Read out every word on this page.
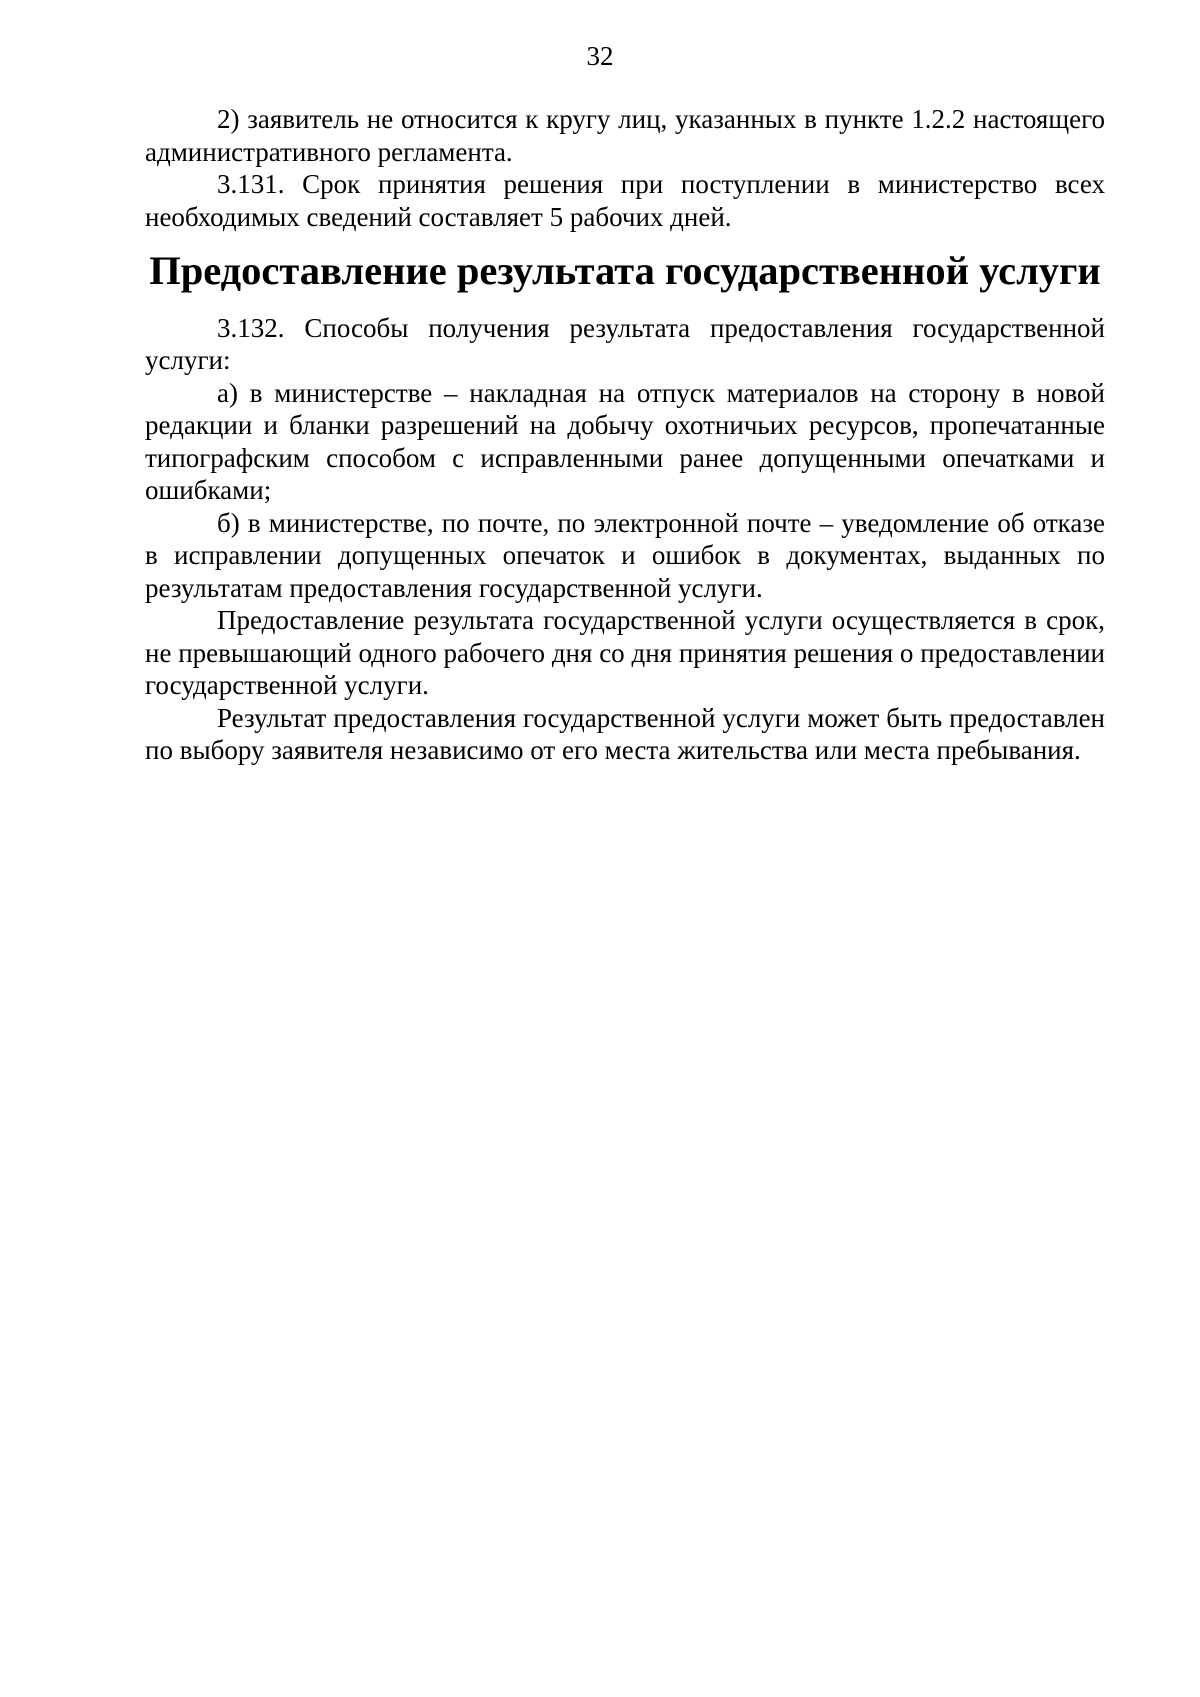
32

2) заявитель не относится к кругу лиц, указанных в пункте 1.2.2 настоящего административного регламента.

3.131. Срок принятия решения при поступлении в министерство всех необходимых сведений составляет 5 рабочих дней.

Предоставление результата государственной услуги

3.132. Способы получения результата предоставления государственной услуги:

а) в министерстве – накладная на отпуск материалов на сторону в новой редакции и бланки разрешений на добычу охотничьих ресурсов, пропечатанные типографским способом с исправленными ранее допущенными опечатками и ошибками;

б) в министерстве, по почте, по электронной почте – уведомление об отказе в исправлении допущенных опечаток и ошибок в документах, выданных по результатам предоставления государственной услуги.

Предоставление результата государственной услуги осуществляется в срок, не превышающий одного рабочего дня со дня принятия решения о предоставлении государственной услуги.

Результат предоставления государственной услуги может быть предоставлен по выбору заявителя независимо от его места жительства или места пребывания.
